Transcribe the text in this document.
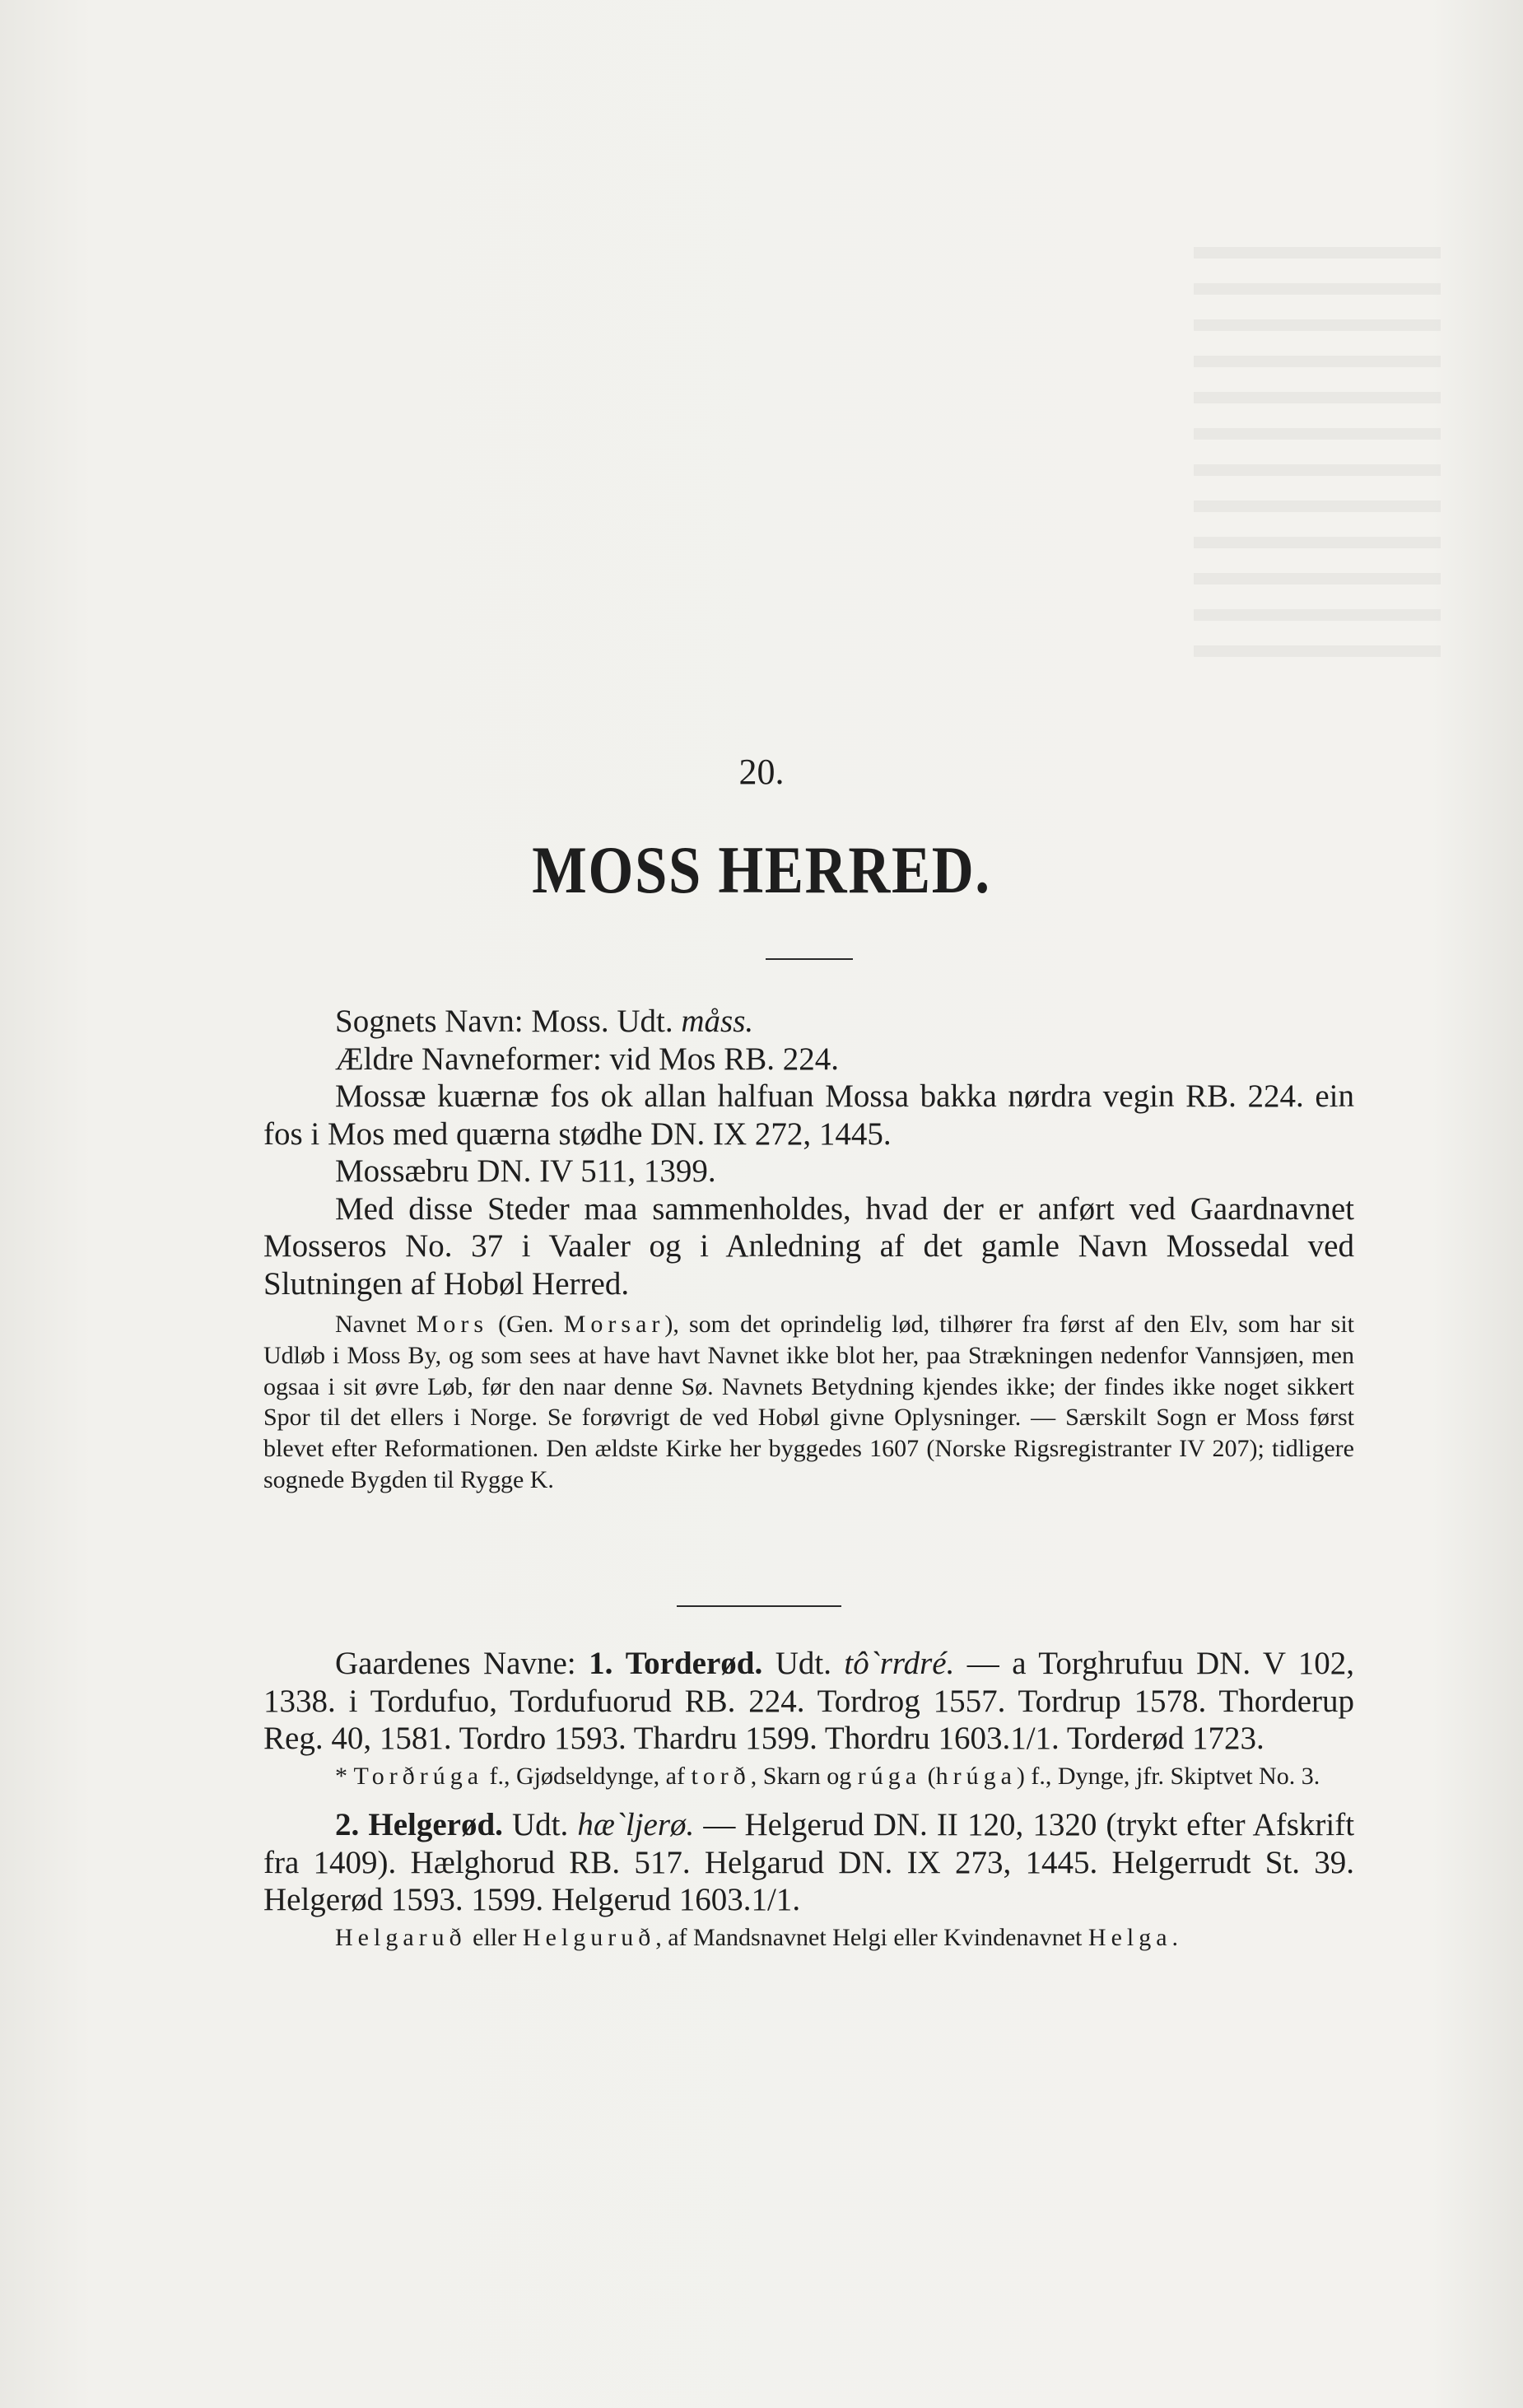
20.
MOSS HERRED.

Sognets Navn: Moss. Udt. måss.

Ældre Navneformer: vid Mos RB. 224.

Mossæ kuærnæ fos ok allan halfuan Mossa bakka nørdra vegin RB. 224. ein fos i Mos med quærna stødhe DN. IX 272, 1445.

Mossæbru DN. IV 511, 1399.

Med disse Steder maa sammenholdes, hvad der er anført ved Gaardnavnet Mosseros No. 37 i Vaaler og i Anledning af det gamle Navn Mossedal ved Slutningen af Hobøl Herred.

Navnet Mors (Gen. Morsar), som det oprindelig lød, tilhører fra først af den Elv, som har sit Udløb i Moss By, og som sees at have havt Navnet ikke blot her, paa Strækningen nedenfor Vannsjøen, men ogsaa i sit øvre Løb, før den naar denne Sø. Navnets Betydning kjendes ikke; der findes ikke noget sikkert Spor til det ellers i Norge. Se forøvrigt de ved Hobøl givne Oplysninger. — Særskilt Sogn er Moss først blevet efter Reformationen. Den ældste Kirke her byggedes 1607 (Norske Rigsregistranter IV 207); tidligere sognede Bygden til Rygge K.

Gaardenes Navne: 1. Torderød. Udt. tô`rrdré. — a Torghrufuu DN. V 102, 1338. i Tordufuo, Tordufuorud RB. 224. Tordrog 1557. Tordrup 1578. Thorderup Reg. 40, 1581. Tordro 1593. Thardru 1599. Thordru 1603.1/1. Torderød 1723.

* Torðrúga f., Gjødseldynge, af torð, Skarn og rúga (hrúga) f., Dynge, jfr. Skiptvet No. 3.

2. Helgerød. Udt. hæ`ljerø. — Helgerud DN. II 120, 1320 (trykt efter Afskrift fra 1409). Hælghorud RB. 517. Helgarud DN. IX 273, 1445. Helgerrudt St. 39. Helgerød 1593. 1599. Helgerud 1603.1/1.

Helgaruð eller Helguruð, af Mandsnavnet Helgi eller Kvindenavnet Helga.
